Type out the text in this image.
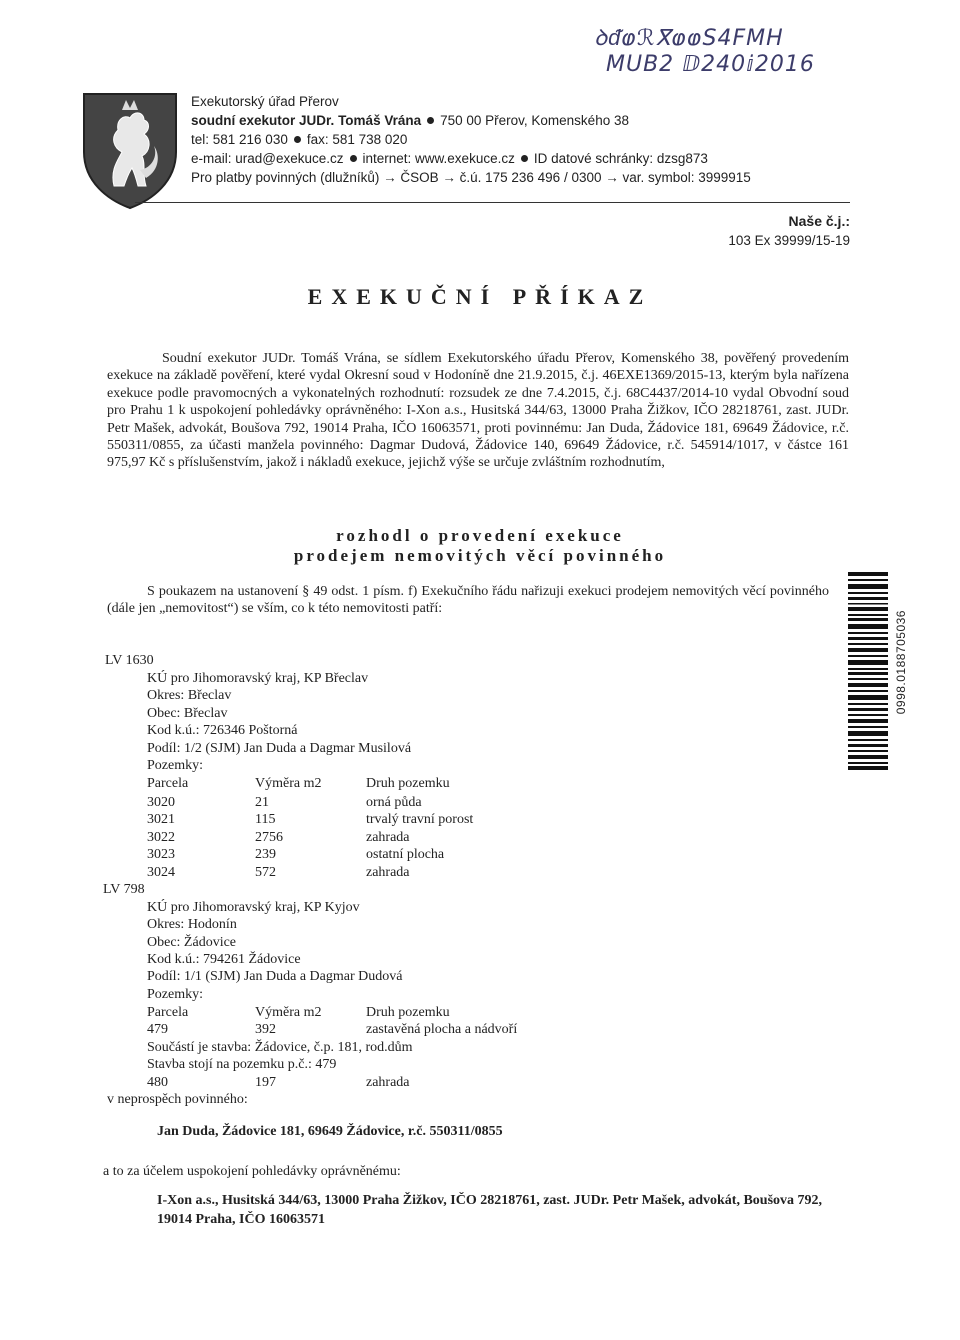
ꝺᵭⱷℛⴳⱷⱷS4FMH
MUB2 ⅅ240ⅈ2016
Exekutorský úřad Přerov
soudní exekutor JUDr. Tomáš Vrána 750 00 Přerov, Komenského 38
tel: 581 216 030 fax: 581 738 020
e-mail: urad@exekuce.cz internet: www.exekuce.cz ID datové schránky: dzsg873
Pro platby povinných (dlužníků) → ČSOB → č.ú. 175 236 496 / 0300 → var. symbol: 3999915
Naše č.j.:
103 Ex 39999/15-19
EXEKUČNÍ PŘÍKAZ
Soudní exekutor JUDr. Tomáš Vrána, se sídlem Exekutorského úřadu Přerov, Komenského 38, pověřený provedením exekuce na základě pověření, které vydal Okresní soud v Hodoníně dne 21.9.2015, č.j. 46EXE1369/2015-13, kterým byla nařízena exekuce podle pravomocných a vykonatelných rozhodnutí: rozsudek ze dne 7.4.2015, č.j. 68C4437/2014-10 vydal Obvodní soud pro Prahu 1 k uspokojení pohledávky oprávněného: I-Xon a.s., Husitská 344/63, 13000 Praha Žižkov, IČO 28218761, zast. JUDr. Petr Mašek, advokát, Boušova 792, 19014 Praha, IČO 16063571, proti povinnému: Jan Duda, Žádovice 181, 69649 Žádovice, r.č. 550311/0855, za účasti manžela povinného: Dagmar Dudová, Žádovice 140, 69649 Žádovice, r.č. 545914/1017, v částce 161 975,97 Kč s příslušenstvím, jakož i nákladů exekuce, jejichž výše se určuje zvláštním rozhodnutím,
rozhodl o provedení exekuce
prodejem nemovitých věcí povinného
S poukazem na ustanovení § 49 odst. 1 písm. f) Exekučního řádu nařizuji exekuci prodejem nemovitých věcí povinného (dále jen „nemovitost“) se vším, co k této nemovitosti patří:
LV 1630
KÚ pro Jihomoravský kraj, KP Břeclav
Okres: Břeclav
Obec: Břeclav
Kod k.ú.: 726346 Poštorná
Podíl: 1/2 (SJM) Jan Duda a Dagmar Musilová
Pozemky:
Parcela	Výměra m2	Druh pozemku
3020	21	orná půda
3021	115	trvalý travní porost
3022	2756	zahrada
3023	239	ostatní plocha
3024	572	zahrada
LV 798
KÚ pro Jihomoravský kraj, KP Kyjov
Okres: Hodonín
Obec: Žádovice
Kod k.ú.: 794261 Žádovice
Podíl: 1/1 (SJM) Jan Duda a Dagmar Dudová
Pozemky:
Parcela	Výměra m2	Druh pozemku
479	392	zastavěná plocha a nádvoří
Součástí je stavba: Žádovice, č.p. 181, rod.dům
Stavba stojí na pozemku p.č.: 479
480	197	zahrada
v neprospěch povinného:
Jan Duda, Žádovice 181, 69649 Žádovice, r.č. 550311/0855
a to za účelem uspokojení pohledávky oprávněnému:
I-Xon a.s., Husitská 344/63, 13000 Praha Žižkov, IČO 28218761, zast. JUDr. Petr Mašek, advokát, Boušova 792, 19014 Praha, IČO 16063571
0998.0188705036
